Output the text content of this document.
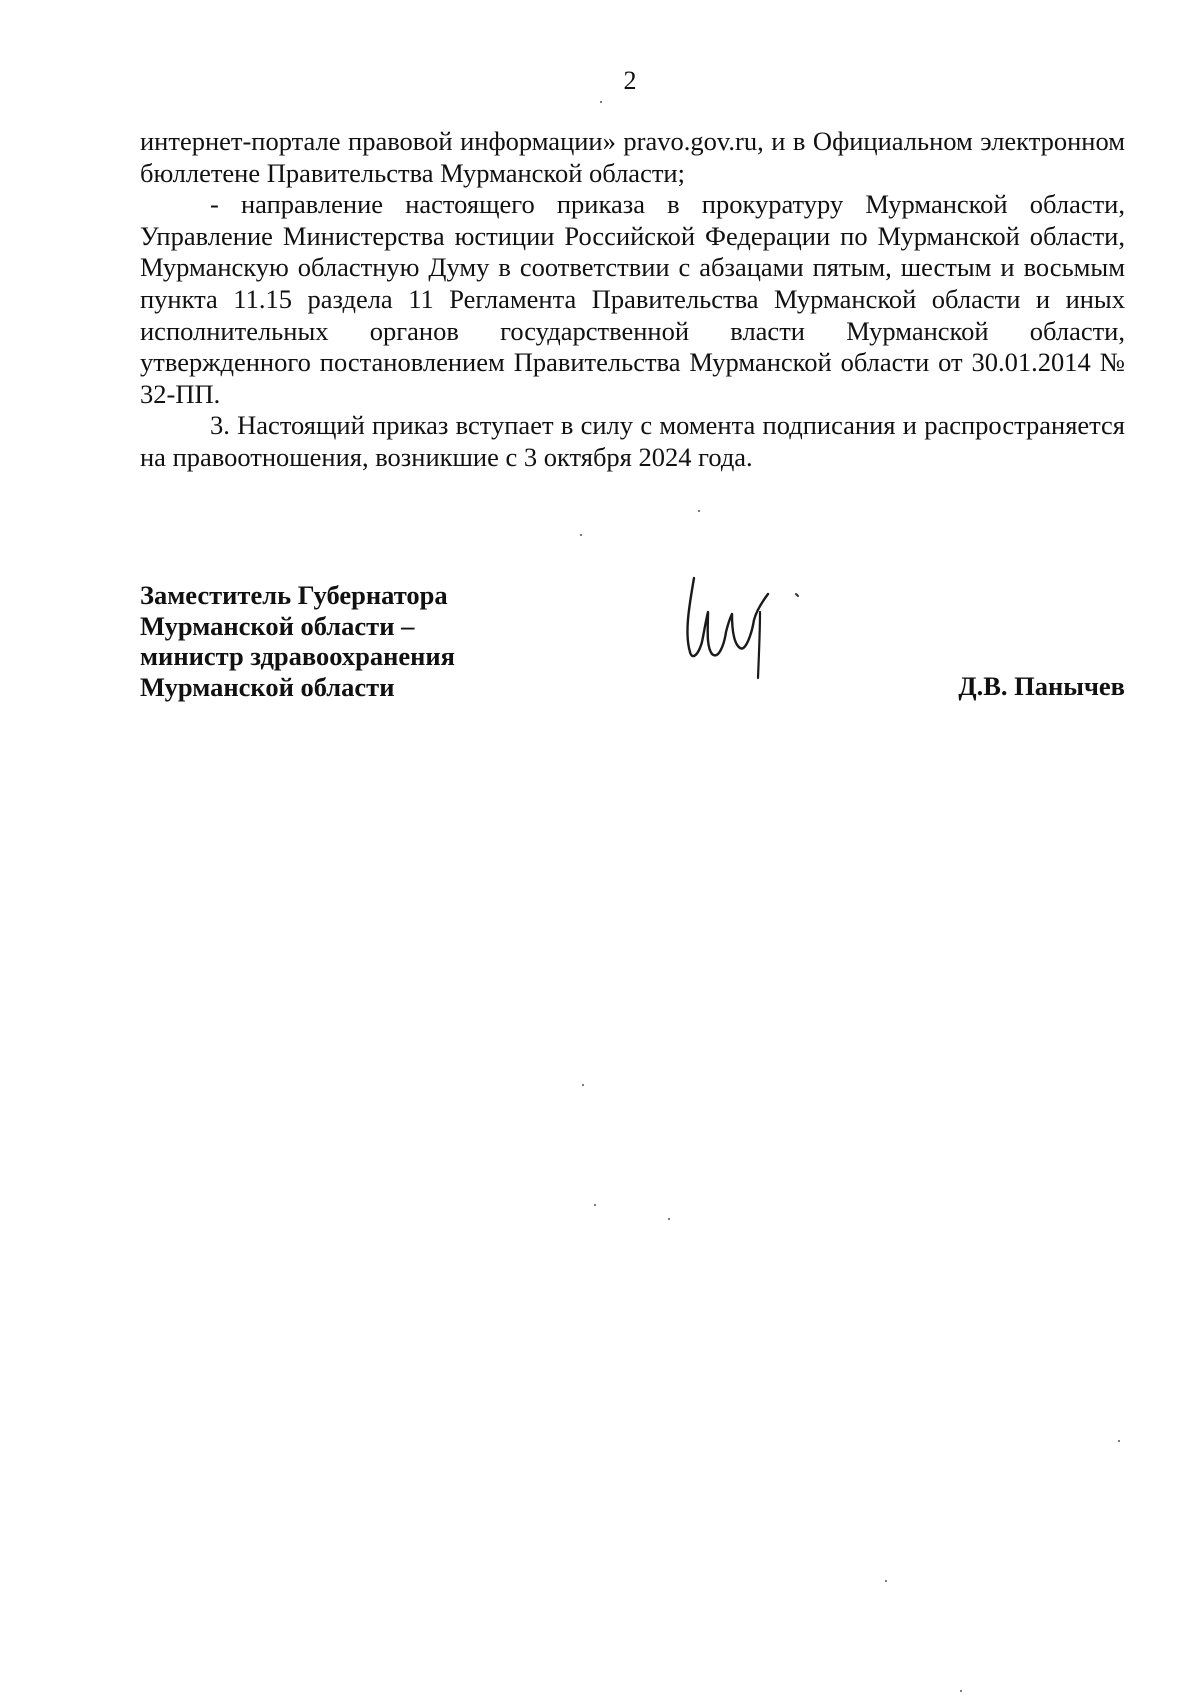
2

интернет-портале правовой информации» pravo.gov.ru, и в Официальном электронном бюллетене Правительства Мурманской области;

- направление настоящего приказа в прокуратуру Мурманской области, Управление Министерства юстиции Российской Федерации по Мурманской области, Мурманскую областную Думу в соответствии с абзацами пятым, шестым и восьмым пункта 11.15 раздела 11 Регламента Правительства Мурманской области и иных исполнительных органов государственной власти Мурманской области, утвержденного постановлением Правительства Мурманской области от 30.01.2014 № 32-ПП.

3. Настоящий приказ вступает в силу с момента подписания и распространяется на правоотношения, возникшие с 3 октября 2024 года.

Заместитель Губернатора
Мурманской области –
министр здравоохранения
Мурманской области	Д.В. Панычев
